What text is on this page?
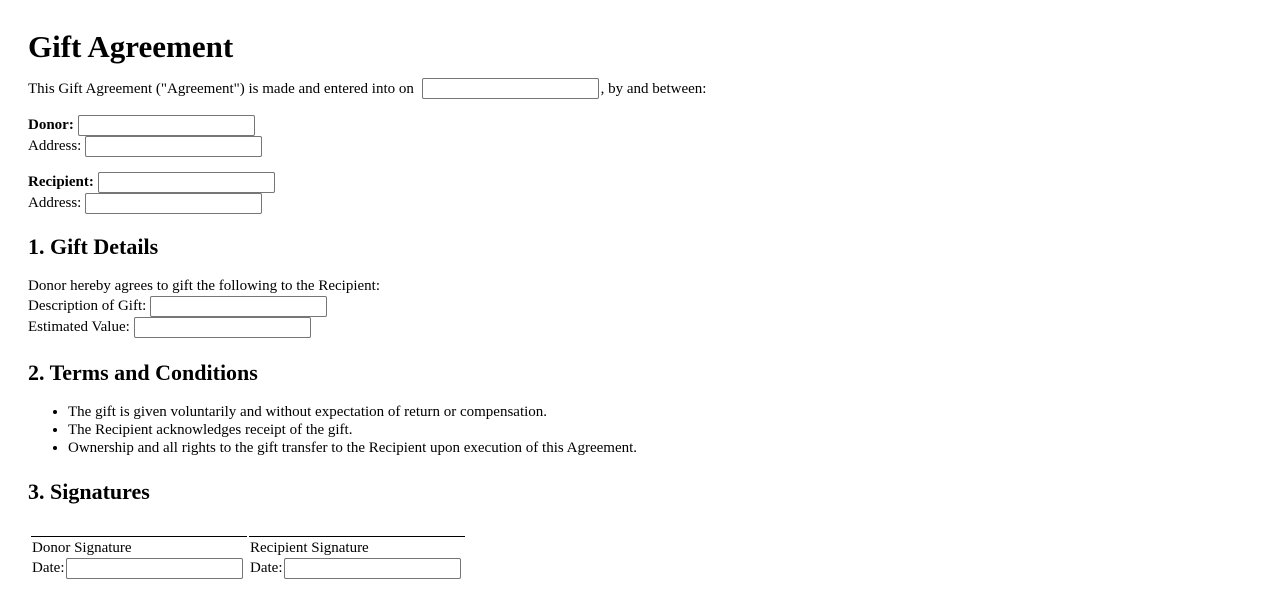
Gift Agreement
This Gift Agreement ("Agreement") is made and entered into on	, by and between:
Donor:
Address:
Recipient:
Address:
1. Gift Details
Donor hereby agrees to gift the following to the Recipient:
Description of Gift:
Estimated Value:
2. Terms and Conditions
• The gift is given voluntarily and without expectation of return or compensation.
• The Recipient acknowledges receipt of the gift.
• Ownership and all rights to the gift transfer to the Recipient upon execution of this Agreement.
3. Signatures
Donor Signature
Date:

Recipient Signature
Date:
